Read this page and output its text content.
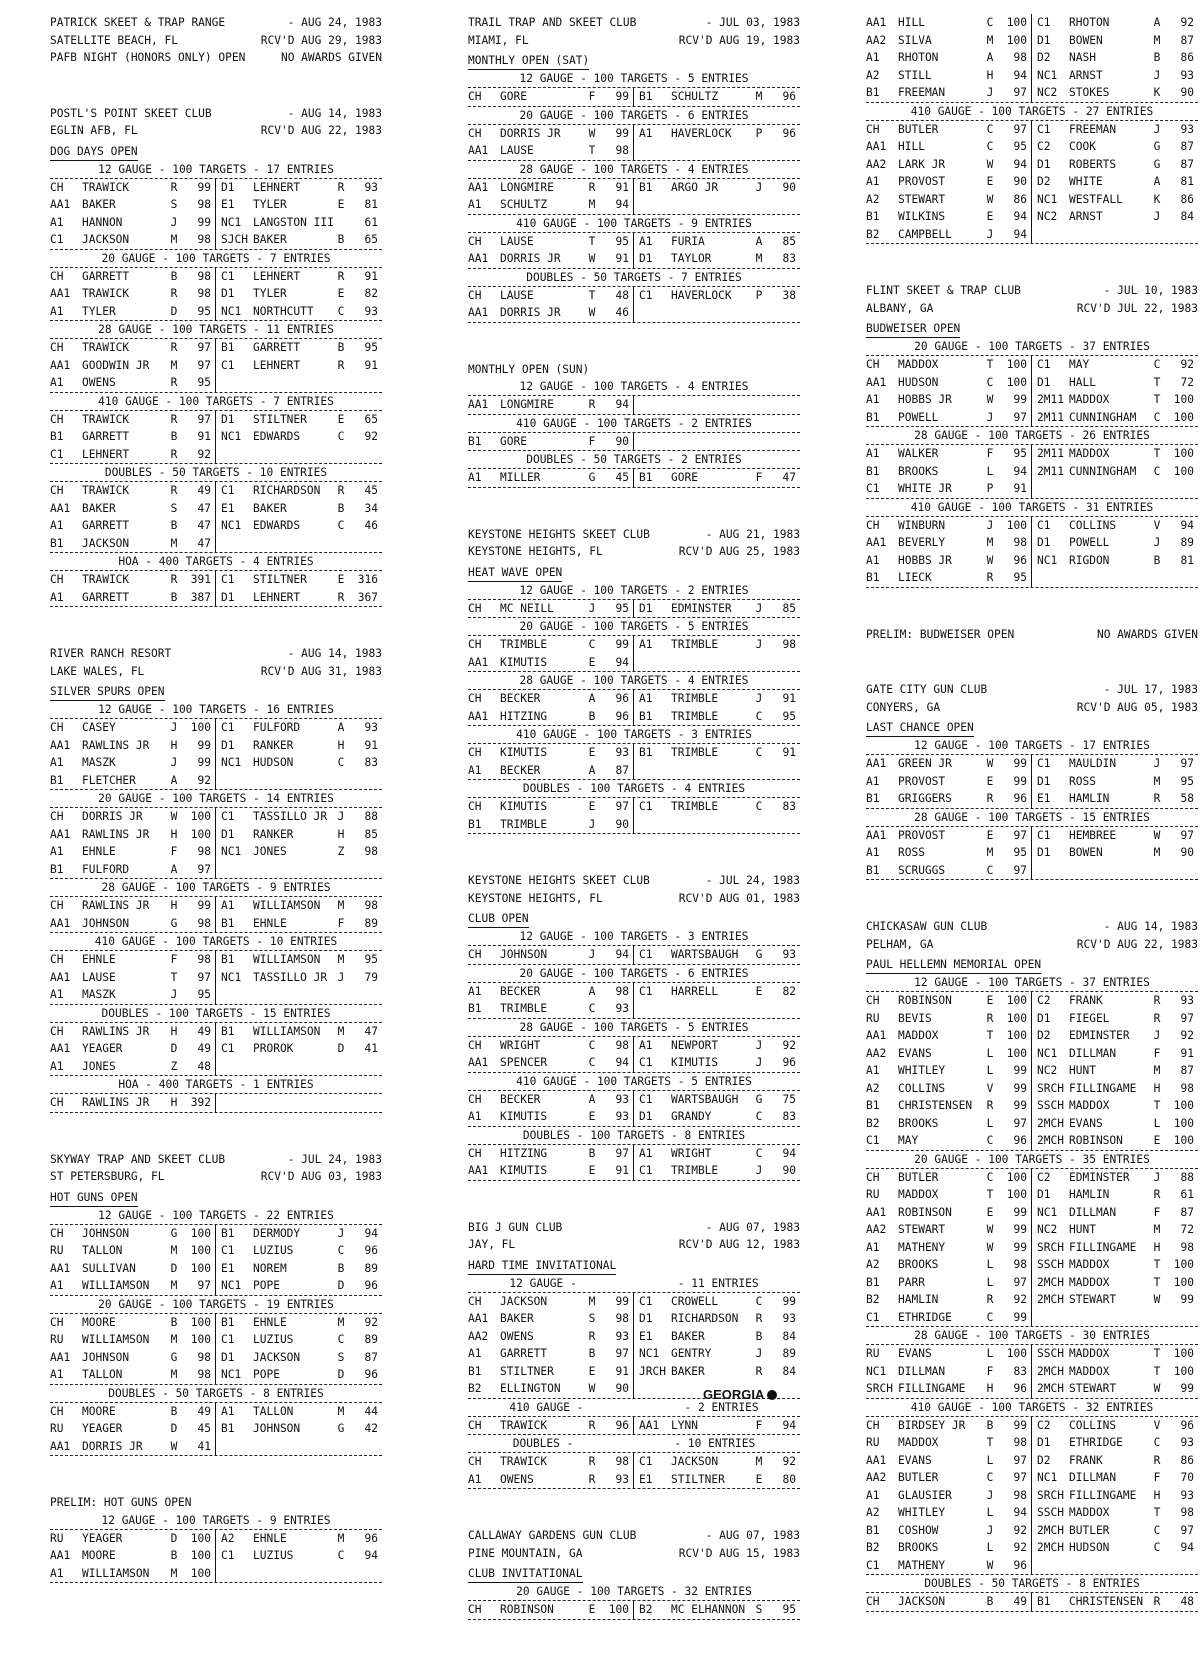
PATRICK SKEET & TRAP RANGE	- AUG 24, 1983
SATELLITE BEACH, FL	RCV'D AUG 29, 1983
PAFB NIGHT (HONORS ONLY) OPEN	NO AWARDS GIVEN
POSTL'S POINT SKEET CLUB	- AUG 14, 1983
EGLIN AFB, FL	RCV'D AUG 22, 1983
DOG DAYS OPEN
12 GAUGE - 100 TARGETS - 17 ENTRIES
CH	TRAWICK	R	99 D1	LEHNERT	R	93
AA1	BAKER	S	98 E1	TYLER	E	81
A1	HANNON	J	99 NC1	LANGSTON III	61
C1	JACKSON	M	98 SJCH BAKER	B	65
20 GAUGE - 100 TARGETS - 7 ENTRIES
CH	GARRETT	B	98 C1	LEHNERT	R	91
AA1	TRAWICK	R	98 D1	TYLER	E	82
A1	TYLER	D	95 NC1	NORTHCUTT	C	93
28 GAUGE - 100 TARGETS - 11 ENTRIES
CH	TRAWICK	R	97 B1	GARRETT	B	95
AA1	GOODWIN JR	M	97 C1	LEHNERT	R	91
A1	OWENS	R	95
410 GAUGE - 100 TARGETS - 7 ENTRIES
CH	TRAWICK	R	97 D1	STILTNER	E	65
B1	GARRETT	B	91 NC1	EDWARDS	C	92
C1	LEHNERT	R	92
DOUBLES - 50 TARGETS - 10 ENTRIES
CH	TRAWICK	R	49 C1	RICHARDSON	R	45
AA1	BAKER	S	47 E1	BAKER	B	34
A1	GARRETT	B	47 NC1	EDWARDS	C	46
B1	JACKSON	M	47
HOA - 400 TARGETS - 4 ENTRIES
CH	TRAWICK	R	391 C1	STILTNER	E	316
A1	GARRETT	B	387 D1	LEHNERT	R	367
RIVER RANCH RESORT	- AUG 14, 1983
LAKE WALES, FL	RCV'D AUG 31, 1983
SILVER SPURS OPEN
12 GAUGE - 100 TARGETS - 16 ENTRIES
CH	CASEY	J	100 C1	FULFORD	A	93
AA1	RAWLINS JR	H	99 D1	RANKER	H	91
A1	MASZK	J	99 NC1	HUDSON	C	83
B1	FLETCHER	A	92
20 GAUGE - 100 TARGETS - 14 ENTRIES
CH	DORRIS JR	W	100 C1	TASSILLO JR J	88
AA1	RAWLINS JR	H	100 D1	RANKER	H	85
A1	EHNLE	F	98 NC1	JONES	Z	98
B1	FULFORD	A	97
28 GAUGE - 100 TARGETS - 9 ENTRIES
CH	RAWLINS JR	H	99 A1	WILLIAMSON	M	98
AA1	JOHNSON	G	98 B1	EHNLE	F	89
410 GAUGE - 100 TARGETS - 10 ENTRIES
CH	EHNLE	F	98 B1	WILLIAMSON	M	95
AA1	LAUSE	T	97 NC1	TASSILLO JR J	79
A1	MASZK	J	95
DOUBLES - 100 TARGETS - 15 ENTRIES
CH	RAWLINS JR	H	49 B1	WILLIAMSON	M	47
AA1	YEAGER	D	49 C1	PROROK	D	41
A1	JONES	Z	48
HOA - 400 TARGETS - 1 ENTRIES
CH	RAWLINS JR	H	392
SKYWAY TRAP AND SKEET CLUB	- JUL 24, 1983
ST PETERSBURG, FL	RCV'D AUG 03, 1983
HOT GUNS OPEN
12 GAUGE - 100 TARGETS - 22 ENTRIES
CH	JOHNSON	G	100 B1	DERMODY	J	94
RU	TALLON	M	100 C1	LUZIUS	C	96
AA1	SULLIVAN	D	100 E1	NOREM	B	89
A1	WILLIAMSON	M	97 NC1	POPE	D	96
20 GAUGE - 100 TARGETS - 19 ENTRIES
CH	MOORE	B	100 B1	EHNLE	M	92
RU	WILLIAMSON	M	100 C1	LUZIUS	C	89
AA1	JOHNSON	G	98 D1	JACKSON	S	87
A1	TALLON	M	98 NC1	POPE	D	96
DOUBLES - 50 TARGETS - 8 ENTRIES
CH	MOORE	B	49 A1	TALLON	M	44
RU	YEAGER	D	45 B1	JOHNSON	G	42
AA1	DORRIS JR	W	41
PRELIM: HOT GUNS OPEN
12 GAUGE - 100 TARGETS - 9 ENTRIES
RU	YEAGER	D	100 A2	EHNLE	M	96
AA1	MOORE	B	100 C1	LUZIUS	C	94
A1	WILLIAMSON	M	100
TRAIL TRAP AND SKEET CLUB	- JUL 03, 1983
MIAMI, FL	RCV'D AUG 19, 1983
MONTHLY OPEN (SAT)
12 GAUGE - 100 TARGETS - 5 ENTRIES
CH	GORE	F	99 B1	SCHULTZ	M	96
20 GAUGE - 100 TARGETS - 6 ENTRIES
CH	DORRIS JR	W	99 A1	HAVERLOCK	P	96
AA1	LAUSE	T	98
28 GAUGE - 100 TARGETS - 4 ENTRIES
AA1	LONGMIRE	R	91 B1	ARGO JR	J	90
A1	SCHULTZ	M	94
410 GAUGE - 100 TARGETS - 9 ENTRIES
CH	LAUSE	T	95 A1	FURIA	A	85
AA1	DORRIS JR	W	91 D1	TAYLOR	M	83
DOUBLES - 50 TARGETS - 7 ENTRIES
CH	LAUSE	T	48 C1	HAVERLOCK	P	38
AA1	DORRIS JR	W	46
MONTHLY OPEN (SUN)
12 GAUGE - 100 TARGETS - 4 ENTRIES
AA1	LONGMIRE	R	94
410 GAUGE - 100 TARGETS - 2 ENTRIES
B1	GORE	F	90
DOUBLES - 50 TARGETS - 2 ENTRIES
A1	MILLER	G	45 B1	GORE	F	47
KEYSTONE HEIGHTS SKEET CLUB	- AUG 21, 1983
KEYSTONE HEIGHTS, FL	RCV'D AUG 25, 1983
HEAT WAVE OPEN
12 GAUGE - 100 TARGETS - 2 ENTRIES
CH	MC NEILL	J	95 D1	EDMINSTER	J	85
20 GAUGE - 100 TARGETS - 5 ENTRIES
CH	TRIMBLE	C	99 A1	TRIMBLE	J	98
AA1	KIMUTIS	E	94
28 GAUGE - 100 TARGETS - 4 ENTRIES
CH	BECKER	A	96 A1	TRIMBLE	J	91
AA1	HITZING	B	96 B1	TRIMBLE	C	95
410 GAUGE - 100 TARGETS - 3 ENTRIES
CH	KIMUTIS	E	93 B1	TRIMBLE	C	91
A1	BECKER	A	87
DOUBLES - 100 TARGETS - 4 ENTRIES
CH	KIMUTIS	E	97 C1	TRIMBLE	C	83
B1	TRIMBLE	J	90
KEYSTONE HEIGHTS SKEET CLUB	- JUL 24, 1983
KEYSTONE HEIGHTS, FL	RCV'D AUG 01, 1983
CLUB OPEN
12 GAUGE - 100 TARGETS - 3 ENTRIES
CH	JOHNSON	J	94 C1	WARTSBAUGH	G	93
20 GAUGE - 100 TARGETS - 6 ENTRIES
A1	BECKER	A	98 C1	HARRELL	E	82
B1	TRIMBLE	C	93
28 GAUGE - 100 TARGETS - 5 ENTRIES
CH	WRIGHT	C	98 A1	NEWPORT	J	92
AA1	SPENCER	C	94 C1	KIMUTIS	J	96
410 GAUGE - 100 TARGETS - 5 ENTRIES
CH	BECKER	A	93 C1	WARTSBAUGH	G	75
A1	KIMUTIS	E	93 D1	GRANDY	C	83
DOUBLES - 100 TARGETS - 8 ENTRIES
CH	HITZING	B	97 A1	WRIGHT	C	94
AA1	KIMUTIS	E	91 C1	TRIMBLE	J	90
BIG J GUN CLUB	- AUG 07, 1983
JAY, FL	RCV'D AUG 12, 1983
HARD TIME INVITATIONAL
12 GAUGE -               - 11 ENTRIES
CH	JACKSON	M	99 C1	CROWELL	C	99
AA1	BAKER	S	98 D1	RICHARDSON	R	93
AA2	OWENS	R	93 E1	BAKER	B	84
A1	GARRETT	B	97 NC1	GENTRY	J	89
B1	STILTNER	E	91 JRCH BAKER	R	84
B2	ELLINGTON	W	90
410 GAUGE -               - 2 ENTRIES
CH	TRAWICK	R	96 AA1	LYNN	F	94
DOUBLES -               - 10 ENTRIES
CH	TRAWICK	R	98 C1	JACKSON	M	92
A1	OWENS	R	93 E1	STILTNER	E	80
CALLAWAY GARDENS GUN CLUB	- AUG 07, 1983
PINE MOUNTAIN, GA	RCV'D AUG 15, 1983
CLUB INVITATIONAL
20 GAUGE - 100 TARGETS - 32 ENTRIES
CH	ROBINSON	E	100 B2	MC ELHANNON S	95
AA1	HILL	C	100 C1	RHOTON	A	92
AA2	SILVA	M	100 D1	BOWEN	M	87
A1	RHOTON	A	98 D2	NASH	B	86
A2	STILL	H	94 NC1	ARNST	J	93
B1	FREEMAN	J	97 NC2	STOKES	K	90
410 GAUGE - 100 TARGETS - 27 ENTRIES
CH	BUTLER	C	97 C1	FREEMAN	J	93
AA1	HILL	C	95 C2	COOK	G	87
AA2	LARK JR	W	94 D1	ROBERTS	G	87
A1	PROVOST	E	90 D2	WHITE	A	81
A2	STEWART	W	86 NC1	WESTFALL	K	86
B1	WILKINS	E	94 NC2	ARNST	J	84
B2	CAMPBELL	J	94
FLINT SKEET & TRAP CLUB	- JUL 10, 1983
ALBANY, GA	RCV'D JUL 22, 1983
BUDWEISER OPEN
20 GAUGE - 100 TARGETS - 37 ENTRIES
CH	MADDOX	T	100 C1	MAY	C	92
AA1	HUDSON	C	100 D1	HALL	T	72
A1	HOBBS JR	W	99 2M11 MADDOX	T	100
B1	POWELL	J	97 2M11 CUNNINGHAM	C	100
28 GAUGE - 100 TARGETS - 26 ENTRIES
A1	WALKER	F	95 2M11 MADDOX	T	100
B1	BROOKS	L	94 2M11 CUNNINGHAM	C	100
C1	WHITE JR	P	91
410 GAUGE - 100 TARGETS - 31 ENTRIES
CH	WINBURN	J	100 C1	COLLINS	V	94
AA1	BEVERLY	M	98 D1	POWELL	J	89
A1	HOBBS JR	W	96 NC1	RIGDON	B	81
B1	LIECK	R	95
PRELIM: BUDWEISER OPEN	NO AWARDS GIVEN
GATE CITY GUN CLUB	- JUL 17, 1983
CONYERS, GA	RCV'D AUG 05, 1983
LAST CHANCE OPEN
12 GAUGE - 100 TARGETS - 17 ENTRIES
AA1	GREEN JR	W	99 C1	MAULDIN	J	97
A1	PROVOST	E	99 D1	ROSS	M	95
B1	GRIGGERS	R	96 E1	HAMLIN	R	58
28 GAUGE - 100 TARGETS - 15 ENTRIES
AA1	PROVOST	E	97 C1	HEMBREE	W	97
A1	ROSS	M	95 D1	BOWEN	M	90
B1	SCRUGGS	C	97
CHICKASAW GUN CLUB	- AUG 14, 1983
PELHAM, GA	RCV'D AUG 22, 1983
PAUL HELLEMN MEMORIAL OPEN
12 GAUGE - 100 TARGETS - 37 ENTRIES
CH	ROBINSON	E	100 C2	FRANK	R	93
RU	BEVIS	R	100 D1	FIEGEL	R	97
AA1	MADDOX	T	100 D2	EDMINSTER	J	92
AA2	EVANS	L	100 NC1	DILLMAN	F	91
A1	WHITLEY	L	99 NC2	HUNT	M	87
A2	COLLINS	V	99 SRCH FILLINGAME	H	98
B1	CHRISTENSEN	R	99 SSCH MADDOX	T	100
B2	BROOKS	L	97 2MCH EVANS	L	100
C1	MAY	C	96 2MCH ROBINSON	E	100
20 GAUGE - 100 TARGETS - 35 ENTRIES
CH	BUTLER	C	100 C2	EDMINSTER	J	88
RU	MADDOX	T	100 D1	HAMLIN	R	61
AA1	ROBINSON	E	99 NC1	DILLMAN	F	87
AA2	STEWART	W	99 NC2	HUNT	M	72
A1	MATHENY	W	99 SRCH FILLINGAME	H	98
A2	BROOKS	L	98 SSCH MADDOX	T	100
B1	PARR	L	97 2MCH MADDOX	T	100
B2	HAMLIN	R	92 2MCH STEWART	W	99
C1	ETHRIDGE	C	99
28 GAUGE - 100 TARGETS - 30 ENTRIES
RU	EVANS	L	100 SSCH MADDOX	T	100
NC1	DILLMAN	F	83 2MCH MADDOX	T	100
SRCH FILLINGAME	H	96 2MCH STEWART	W	99
410 GAUGE - 100 TARGETS - 32 ENTRIES
CH	BIRDSEY JR	B	99 C2	COLLINS	V	96
RU	MADDOX	T	98 D1	ETHRIDGE	C	93
AA1	EVANS	L	97 D2	FRANK	R	86
AA2	BUTLER	C	97 NC1	DILLMAN	F	70
A1	GLAUSIER	J	98 SRCH FILLINGAME	H	93
A2	WHITLEY	L	94 SSCH MADDOX	T	98
B1	COSHOW	J	92 2MCH BUTLER	C	97
B2	BROOKS	L	92 2MCH HUDSON	C	94
C1	MATHENY	W	96
DOUBLES - 50 TARGETS - 8 ENTRIES
CH	JACKSON	B	49 B1	CHRISTENSEN R	48
GEORGIA
